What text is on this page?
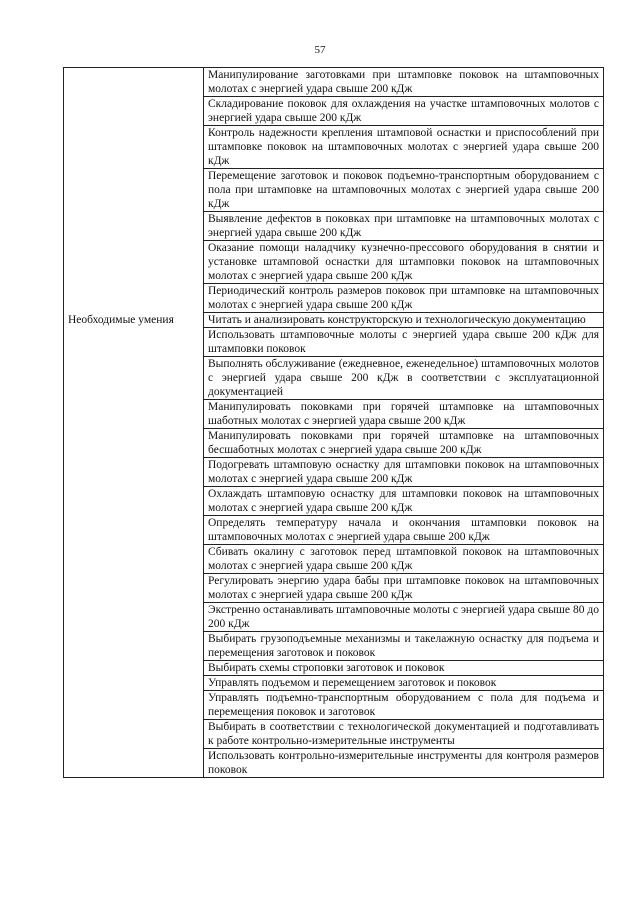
57
	Манипулирование заготовками при штамповке поковок на штамповочных молотах с энергией удара свыше 200 кДж
	Складирование поковок для охлаждения на участке штамповочных молотов с энергией удара свыше 200 кДж
	Контроль надежности крепления штамповой оснастки и приспособлений при штамповке поковок на штамповочных молотах с энергией удара свыше 200 кДж
	Перемещение заготовок и поковок подъемно-транспортным оборудованием с пола при штамповке на штамповочных молотах с энергией удара свыше 200 кДж
	Выявление дефектов в поковках при штамповке на штамповочных молотах с энергией удара свыше 200 кДж
	Оказание помощи наладчику кузнечно-прессового оборудования в снятии и установке штамповой оснастки для штамповки поковок на штамповочных молотах с энергией удара свыше 200 кДж
	Периодический контроль размеров поковок при штамповке на штамповочных молотах с энергией удара свыше 200 кДж
Необходимые умения	Читать и анализировать конструкторскую и технологическую документацию
	Использовать штамповочные молоты с энергией удара свыше 200 кДж для штамповки поковок
	Выполнять обслуживание (ежедневное, еженедельное) штамповочных молотов с энергией удара свыше 200 кДж в соответствии с эксплуатационной документацией
	Манипулировать поковками при горячей штамповке на штамповочных шаботных молотах с энергией удара свыше 200 кДж
	Манипулировать поковками при горячей штамповке на штамповочных бесшаботных молотах с энергией удара свыше 200 кДж
	Подогревать штамповую оснастку для штамповки поковок на штамповочных молотах с энергией удара свыше 200 кДж
	Охлаждать штамповую оснастку для штамповки поковок на штамповочных молотах с энергией удара свыше 200 кДж
	Определять температуру начала и окончания штамповки поковок на штамповочных молотах с энергией удара свыше 200 кДж
	Сбивать окалину с заготовок перед штамповкой поковок на штамповочных молотах с энергией удара свыше 200 кДж
	Регулировать энергию удара бабы при штамповке поковок на штамповочных молотах с энергией удара свыше 200 кДж
	Экстренно останавливать штамповочные молоты с энергией удара свыше 80 до 200 кДж
	Выбирать грузоподъемные механизмы и такелажную оснастку для подъема и перемещения заготовок и поковок
	Выбирать схемы строповки заготовок и поковок
	Управлять подъемом и перемещением заготовок и поковок
	Управлять подъемно-транспортным оборудованием с пола для подъема и перемещения поковок и заготовок
	Выбирать в соответствии с технологической документацией и подготавливать к работе контрольно-измерительные инструменты
	Использовать контрольно-измерительные инструменты для контроля размеров поковок
